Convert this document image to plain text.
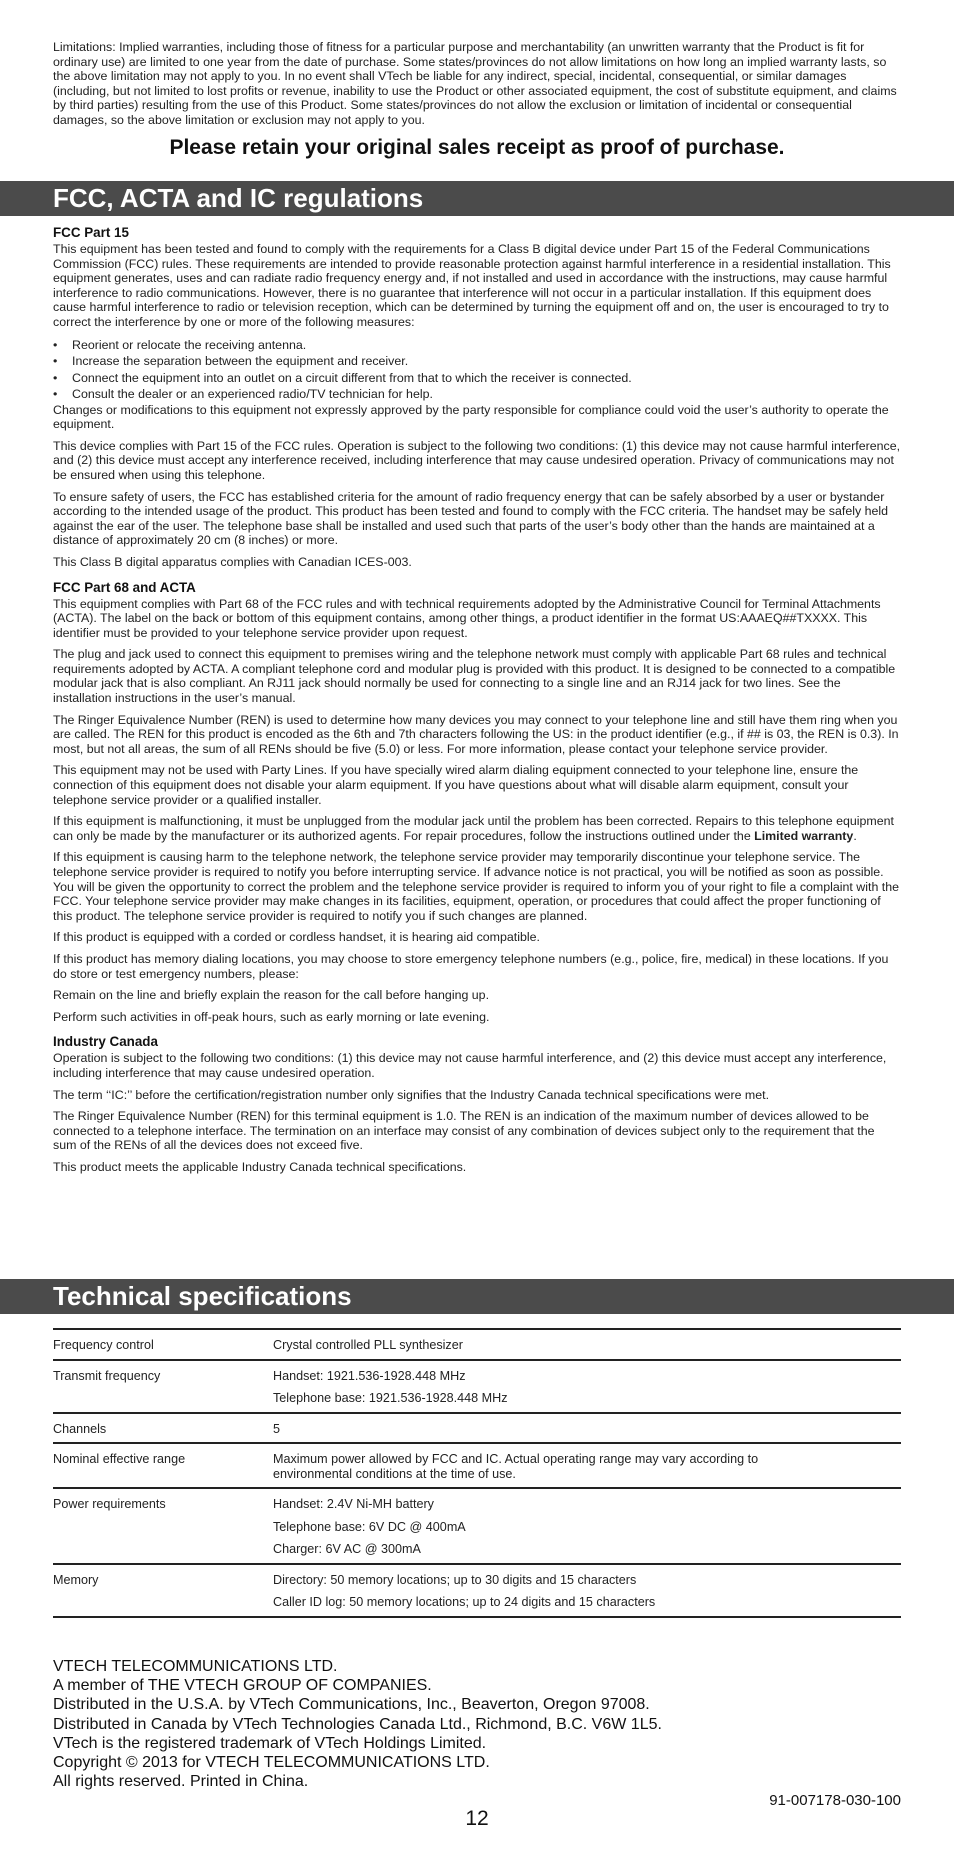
Limitations: Implied warranties, including those of fitness for a particular purpose and merchantability (an unwritten warranty that the Product is fit for ordinary use) are limited to one year from the date of purchase. Some states/provinces do not allow limitations on how long an implied warranty lasts, so the above limitation may not apply to you. In no event shall VTech be liable for any indirect, special, incidental, consequential, or similar damages (including, but not limited to lost profits or revenue, inability to use the Product or other associated equipment, the cost of substitute equipment, and claims by third parties) resulting from the use of this Product. Some states/provinces do not allow the exclusion or limitation of incidental or consequential damages, so the above limitation or exclusion may not apply to you.

Please retain your original sales receipt as proof of purchase.
FCC, ACTA and IC regulations
FCC Part 15

This equipment has been tested and found to comply with the requirements for a Class B digital device under Part 15 of the Federal Communications Commission (FCC) rules. These requirements are intended to provide reasonable protection against harmful interference in a residential installation. This equipment generates, uses and can radiate radio frequency energy and, if not installed and used in accordance with the instructions, may cause harmful interference to radio communications. However, there is no guarantee that interference will not occur in a particular installation. If this equipment does cause harmful interference to radio or television reception, which can be determined by turning the equipment off and on, the user is encouraged to try to correct the interference by one or more of the following measures:

• Reorient or relocate the receiving antenna.
• Increase the separation between the equipment and receiver.
• Connect the equipment into an outlet on a circuit different from that to which the receiver is connected.
• Consult the dealer or an experienced radio/TV technician for help.

Changes or modifications to this equipment not expressly approved by the party responsible for compliance could void the user’s authority to operate the equipment.

This device complies with Part 15 of the FCC rules. Operation is subject to the following two conditions: (1) this device may not cause harmful interference, and (2) this device must accept any interference received, including interference that may cause undesired operation. Privacy of communications may not be ensured when using this telephone.

To ensure safety of users, the FCC has established criteria for the amount of radio frequency energy that can be safely absorbed by a user or bystander according to the intended usage of the product. This product has been tested and found to comply with the FCC criteria. The handset may be safely held against the ear of the user. The telephone base shall be installed and used such that parts of the user’s body other than the hands are maintained at a distance of approximately 20 cm (8 inches) or more.

This Class B digital apparatus complies with Canadian ICES-003.

FCC Part 68 and ACTA

This equipment complies with Part 68 of the FCC rules and with technical requirements adopted by the Administrative Council for Terminal Attachments (ACTA). The label on the back or bottom of this equipment contains, among other things, a product identifier in the format US:AAAEQ##TXXXX. This identifier must be provided to your telephone service provider upon request.

The plug and jack used to connect this equipment to premises wiring and the telephone network must comply with applicable Part 68 rules and technical requirements adopted by ACTA. A compliant telephone cord and modular plug is provided with this product. It is designed to be connected to a compatible modular jack that is also compliant. An RJ11 jack should normally be used for connecting to a single line and an RJ14 jack for two lines. See the installation instructions in the user’s manual.

The Ringer Equivalence Number (REN) is used to determine how many devices you may connect to your telephone line and still have them ring when you are called. The REN for this product is encoded as the 6th and 7th characters following the US: in the product identifier (e.g., if ## is 03, the REN is 0.3). In most, but not all areas, the sum of all RENs should be five (5.0) or less. For more information, please contact your telephone service provider.

This equipment may not be used with Party Lines. If you have specially wired alarm dialing equipment connected to your telephone line, ensure the connection of this equipment does not disable your alarm equipment. If you have questions about what will disable alarm equipment, consult your telephone service provider or a qualified installer.

If this equipment is malfunctioning, it must be unplugged from the modular jack until the problem has been corrected. Repairs to this telephone equipment can only be made by the manufacturer or its authorized agents. For repair procedures, follow the instructions outlined under the Limited warranty.

If this equipment is causing harm to the telephone network, the telephone service provider may temporarily discontinue your telephone service. The telephone service provider is required to notify you before interrupting service. If advance notice is not practical, you will be notified as soon as possible. You will be given the opportunity to correct the problem and the telephone service provider is required to inform you of your right to file a complaint with the FCC. Your telephone service provider may make changes in its facilities, equipment, operation, or procedures that could affect the proper functioning of this product. The telephone service provider is required to notify you if such changes are planned.

If this product is equipped with a corded or cordless handset, it is hearing aid compatible.

If this product has memory dialing locations, you may choose to store emergency telephone numbers (e.g., police, fire, medical) in these locations. If you do store or test emergency numbers, please:

Remain on the line and briefly explain the reason for the call before hanging up.

Perform such activities in off-peak hours, such as early morning or late evening.

Industry Canada

Operation is subject to the following two conditions: (1) this device may not cause harmful interference, and (2) this device must accept any interference, including interference that may cause undesired operation.

The term ‘‘IC:’’ before the certification/registration number only signifies that the Industry Canada technical specifications were met.

The Ringer Equivalence Number (REN) for this terminal equipment is 1.0. The REN is an indication of the maximum number of devices allowed to be connected to a telephone interface. The termination on an interface may consist of any combination of devices subject only to the requirement that the sum of the RENs of all the devices does not exceed five.

This product meets the applicable Industry Canada technical specifications.

Technical specifications
Frequency control	Crystal controlled PLL synthesizer

Transmit frequency	Handset: 1921.536-1928.448 MHz
Telephone base: 1921.536-1928.448 MHz

Channels	5

Nominal effective range	Maximum power allowed by FCC and IC. Actual operating range may vary according to environmental conditions at the time of use.

Power requirements	Handset: 2.4V Ni-MH battery
Telephone base: 6V DC @ 400mA
Charger: 6V AC @ 300mA

Memory	Directory: 50 memory locations; up to 30 digits and 15 characters
Caller ID log: 50 memory locations; up to 24 digits and 15 characters
VTECH TELECOMMUNICATIONS LTD.
A member of THE VTECH GROUP OF COMPANIES.
Distributed in the U.S.A. by VTech Communications, Inc., Beaverton, Oregon 97008.
Distributed in Canada by VTech Technologies Canada Ltd., Richmond, B.C. V6W 1L5.
VTech is the registered trademark of VTech Holdings Limited.
Copyright © 2013 for VTECH TELECOMMUNICATIONS LTD.
All rights reserved. Printed in China.
91-007178-030-100
12
